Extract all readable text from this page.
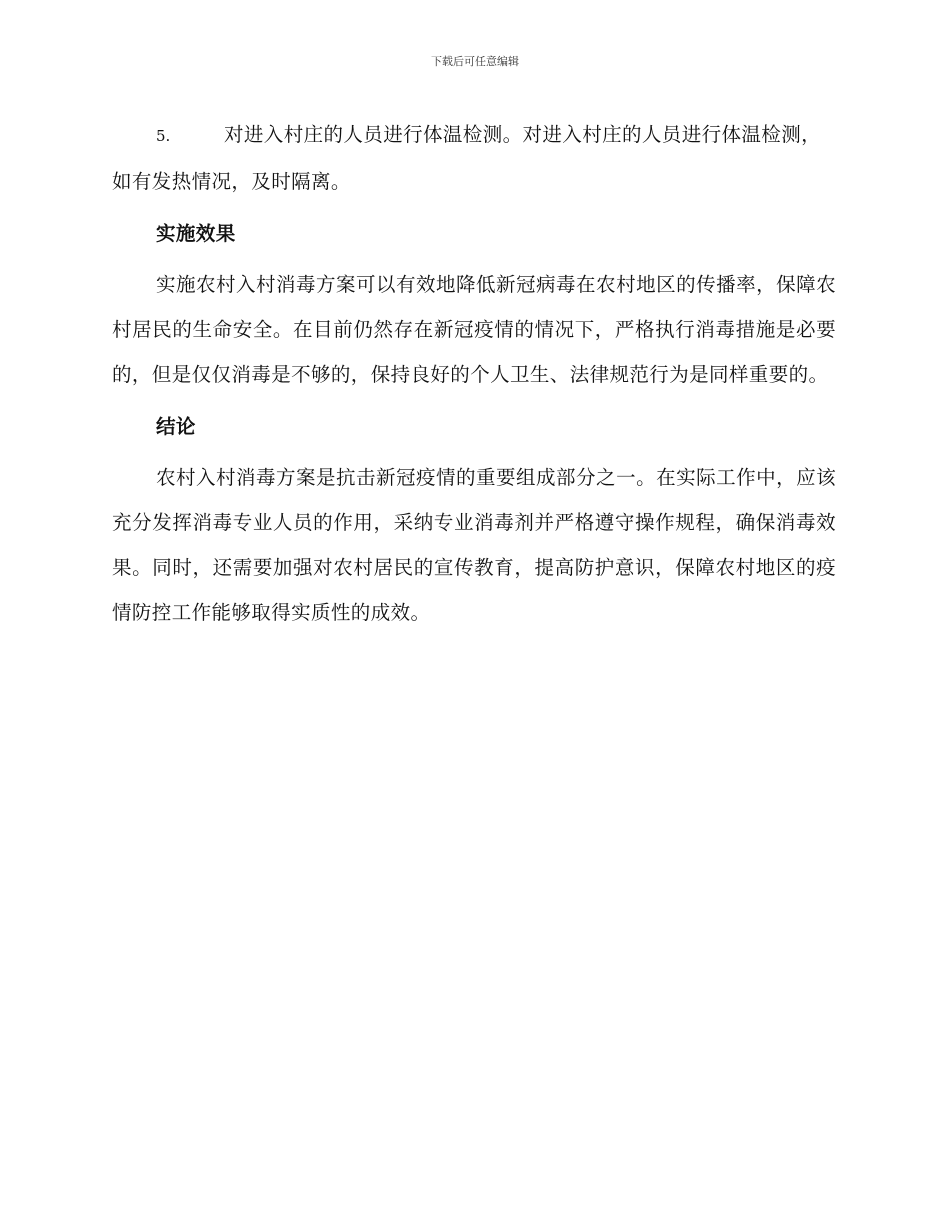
下载后可任意编辑

5.	对进入村庄的人员进行体温检测。对进入村庄的人员进行体温检测，如有发热情况，及时隔离。

实施效果

实施农村入村消毒方案可以有效地降低新冠病毒在农村地区的传播率，保障农村居民的生命安全。在目前仍然存在新冠疫情的情况下，严格执行消毒措施是必要的，但是仅仅消毒是不够的，保持良好的个人卫生、法律规范行为是同样重要的。

结论

农村入村消毒方案是抗击新冠疫情的重要组成部分之一。在实际工作中，应该充分发挥消毒专业人员的作用，采纳专业消毒剂并严格遵守操作规程，确保消毒效果。同时，还需要加强对农村居民的宣传教育，提高防护意识，保障农村地区的疫情防控工作能够取得实质性的成效。
